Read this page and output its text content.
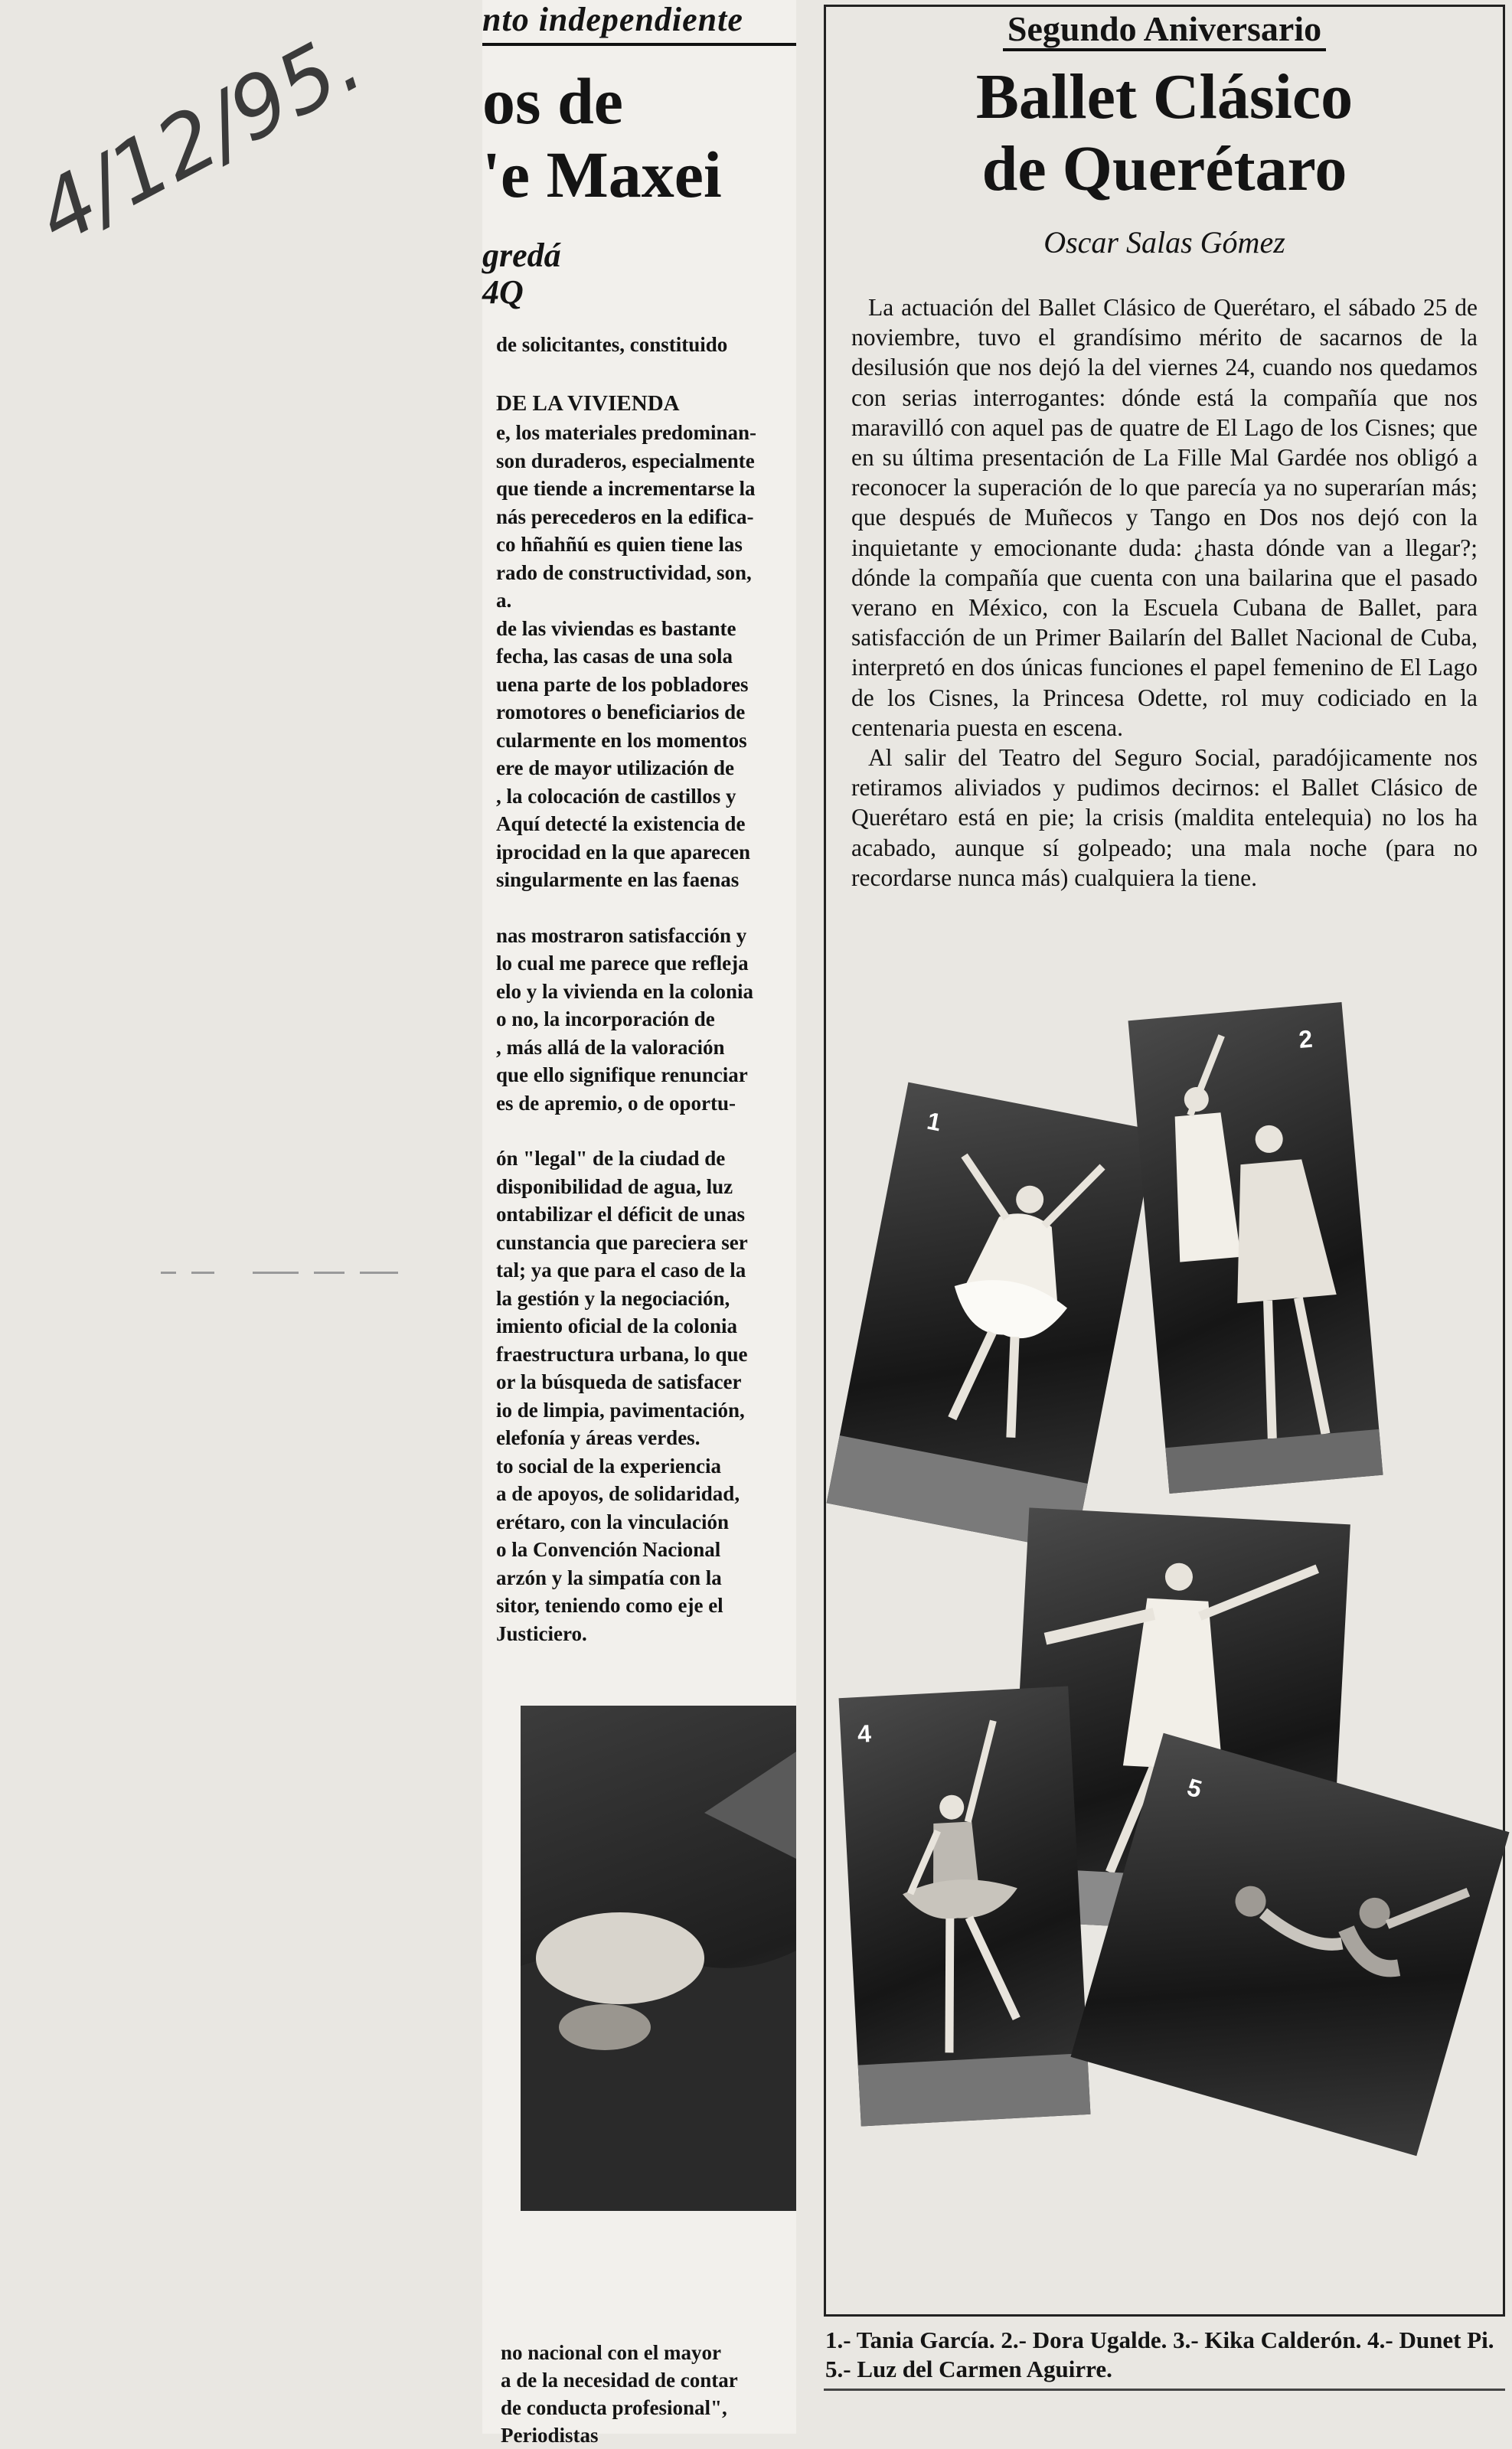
4/12/95.	nto independiente
os de
'e Maxei
gredá
4Q

de solicitantes, constituido

DE LA VIVIENDA

e, los materiales predominan-

son duraderos, especialmente

que tiende a incrementarse la

nás perecederos en la edifica-

co hñahñú es quien tiene las

rado de constructividad, son,

a.

de las viviendas es bastante

fecha, las casas de una sola

uena parte de los pobladores

romotores o beneficiarios de

cularmente en los momentos

ere de mayor utilización de

, la colocación de castillos y

Aquí detecté la existencia de

iprocidad en la que aparecen

singularmente en las faenas

nas mostraron satisfacción y

lo cual me parece que refleja

elo y la vivienda en la colonia

o no, la incorporación de

, más allá de la valoración

que ello signifique renunciar

es de apremio, o de oportu-

ón "legal" de la ciudad de

disponibilidad de agua, luz

ontabilizar el déficit de unas

cunstancia que pareciera ser

tal; ya que para el caso de la

la gestión y la negociación,

imiento oficial de la colonia

fraestructura urbana, lo que

or la búsqueda de satisfacer

io de limpia, pavimentación,

elefonía y áreas verdes.

to social de la experiencia

a de apoyos, de solidaridad,

erétaro, con la vinculación

o la Convención Nacional

arzón y la simpatía con la

sitor, teniendo como eje el

Justiciero.

no nacional con el mayor

a de la necesidad de contar

de conducta profesional",

Periodistas

Segundo Aniversario
Ballet Clásico
de Querétaro
Oscar Salas Gómez

La actuación del Ballet Clásico de Querétaro, el sábado 25 de noviembre, tuvo el grandísimo mérito de sacarnos de la desilusión que nos dejó la del viernes 24, cuando nos quedamos con serias interrogantes: dónde está la compañía que nos maravilló con aquel pas de quatre de El Lago de los Cisnes; que en su última presentación de La Fille Mal Gardée nos obligó a reconocer la superación de lo que parecía ya no superarían más; que después de Muñecos y Tango en Dos nos dejó con la inquietante y emocionante duda: ¿hasta dónde van a llegar?; dónde la compañía que cuenta con una bailarina que el pasado verano en México, con la Escuela Cubana de Ballet, para satisfacción de un Primer Bailarín del Ballet Nacional de Cuba, interpretó en dos únicas funciones el papel femenino de El Lago de los Cisnes, la Princesa Odette, rol muy codiciado en la centenaria puesta en escena.

Al salir del Teatro del Seguro Social, paradójicamente nos retiramos aliviados y pudimos decirnos: el Ballet Clásico de Querétaro está en pie; la crisis (maldita entelequia) no los ha acabado, aunque sí golpeado; una mala noche (para no recordarse nunca más) cualquiera la tiene.

1
2
4
5
1.- Tania García. 2.- Dora Ugalde. 3.- Kika Calderón. 4.- Dunet Pi. 5.- Luz del Carmen Aguirre.
